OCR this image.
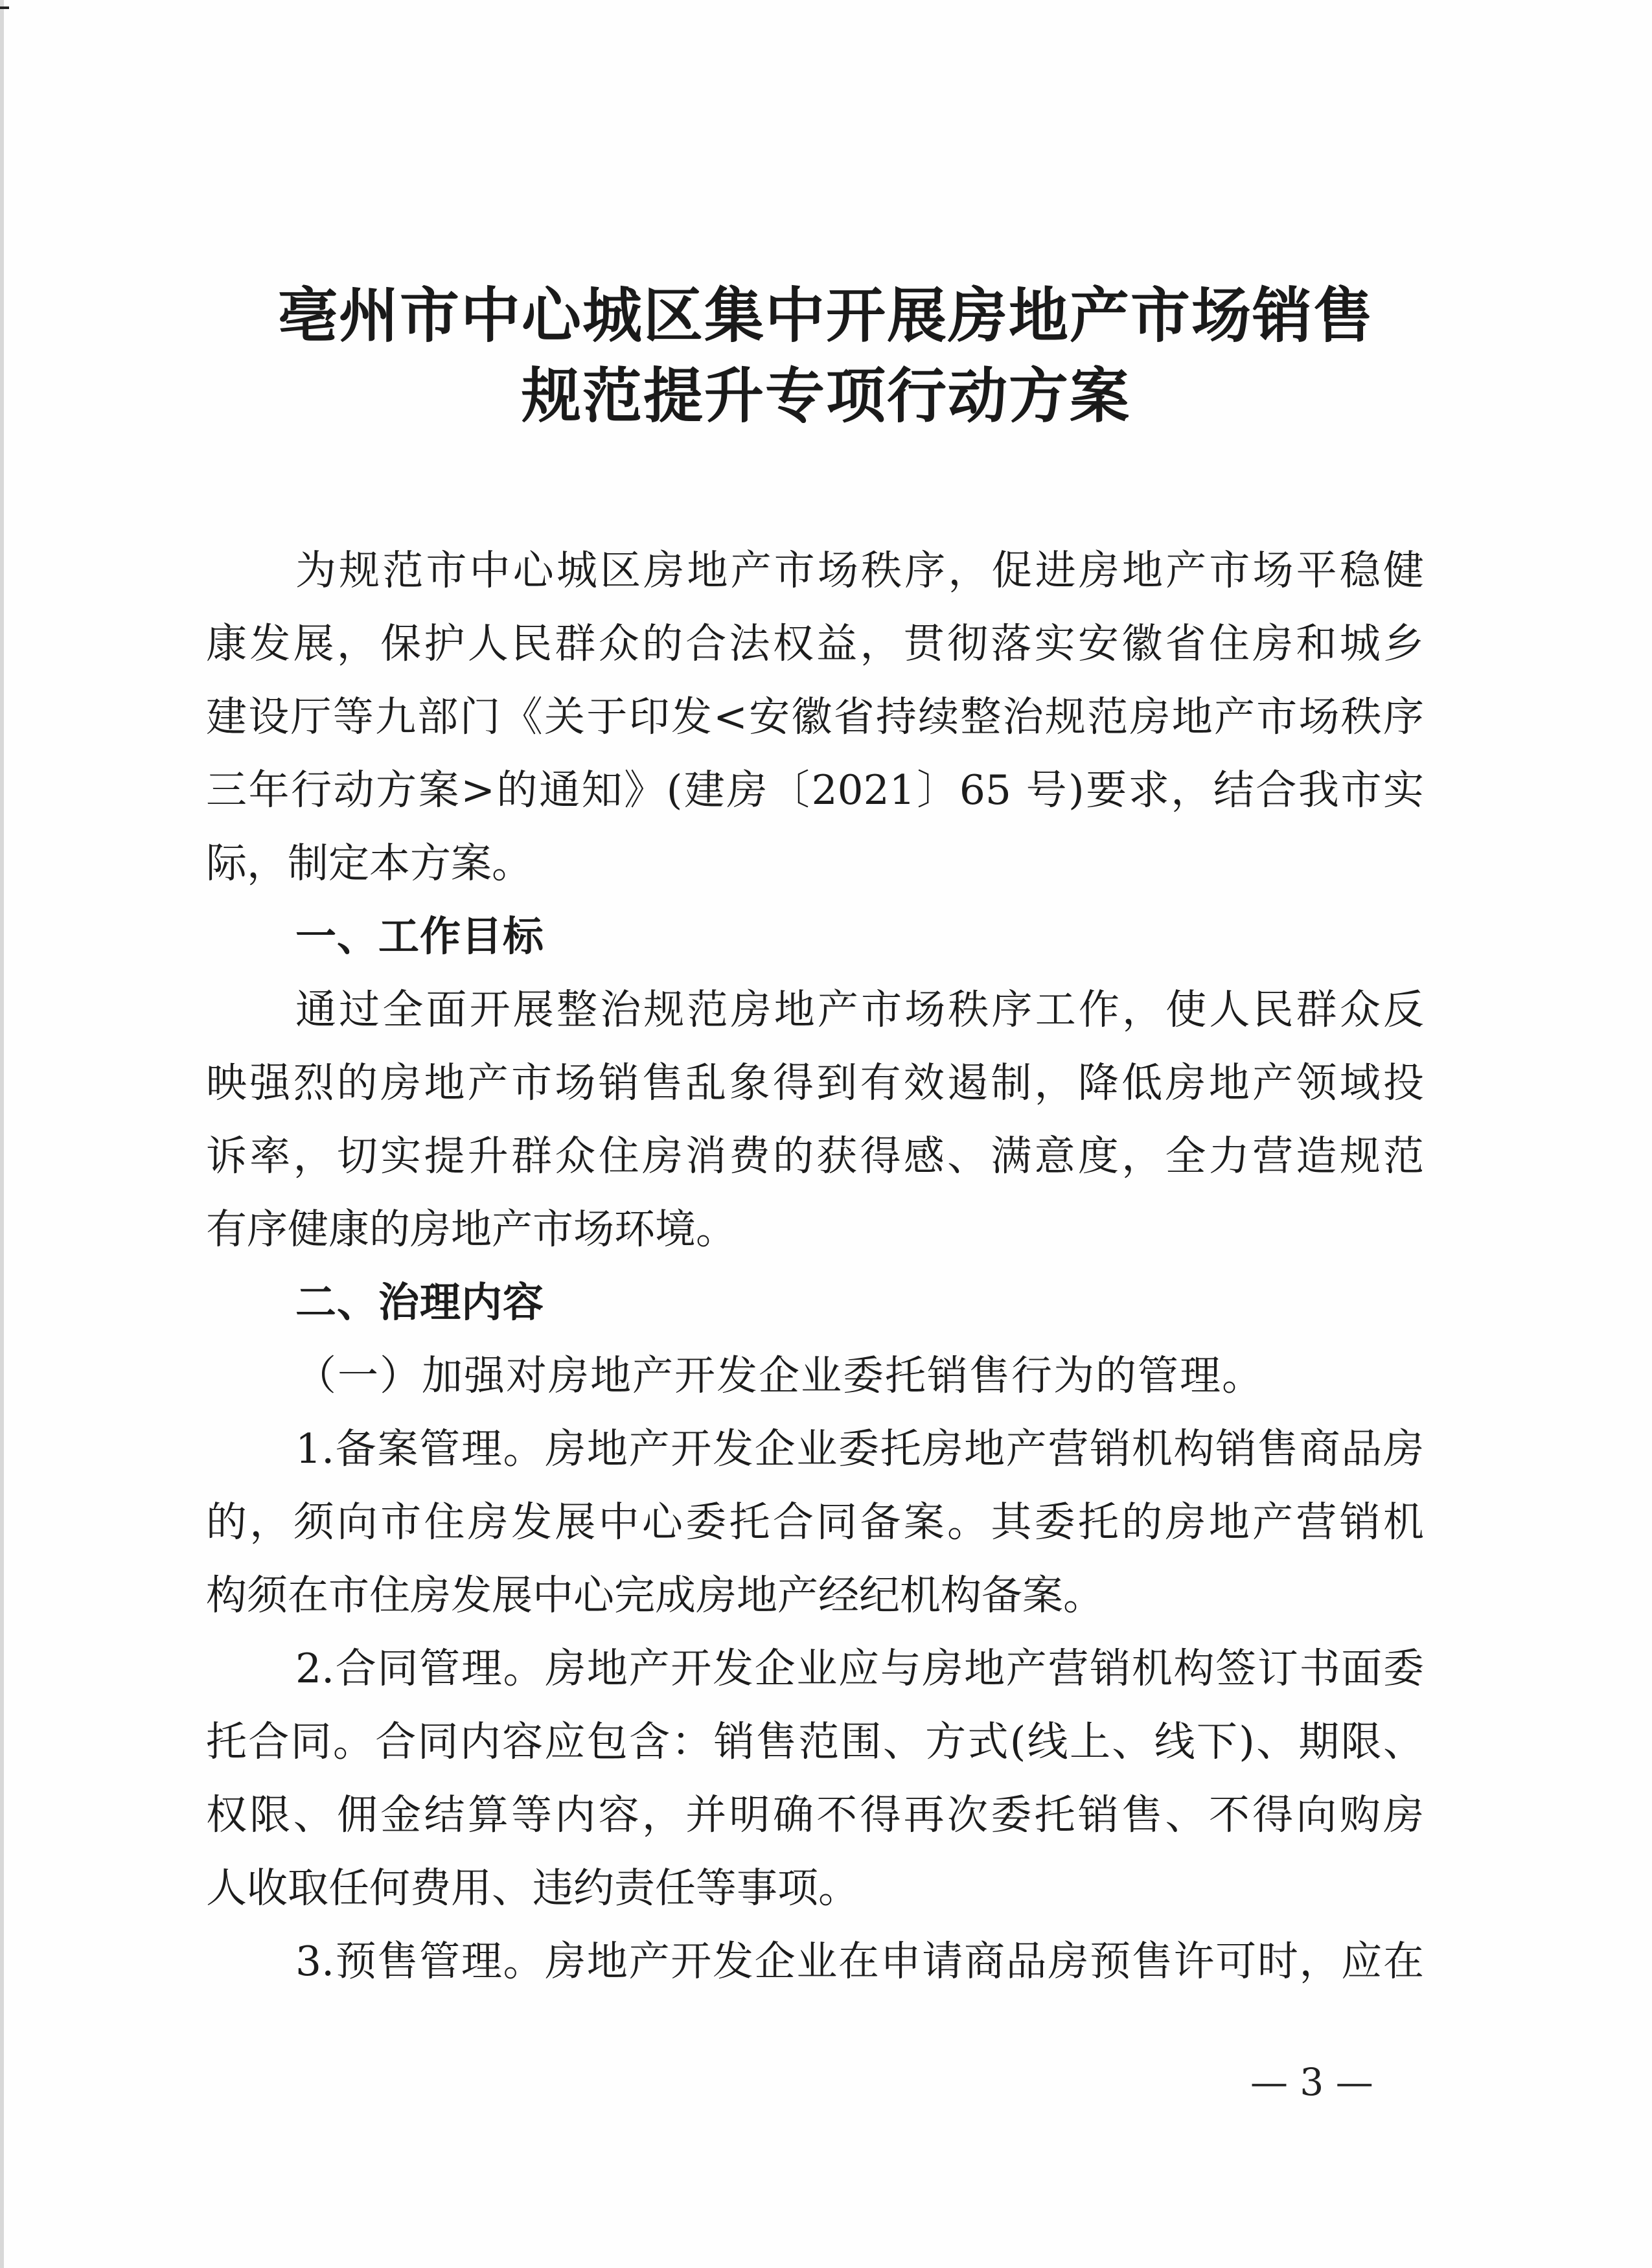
亳州市中心城区集中开展房地产市场销售
规范提升专项行动方案
为规范市中心城区房地产市场秩序，促进房地产市场平稳健
康发展，保护人民群众的合法权益，贯彻落实安徽省住房和城乡
建设厅等九部门《关于印发<安徽省持续整治规范房地产市场秩序
三年行动方案>的通知》(建房〔2021〕65 号)要求，结合我市实
际，制定本方案。
一、工作目标
通过全面开展整治规范房地产市场秩序工作，使人民群众反
映强烈的房地产市场销售乱象得到有效遏制，降低房地产领域投
诉率，切实提升群众住房消费的获得感、满意度，全力营造规范
有序健康的房地产市场环境。
二、治理内容
（一）加强对房地产开发企业委托销售行为的管理。
1.备案管理。房地产开发企业委托房地产营销机构销售商品房
的，须向市住房发展中心委托合同备案。其委托的房地产营销机
构须在市住房发展中心完成房地产经纪机构备案。
2.合同管理。房地产开发企业应与房地产营销机构签订书面委
托合同。合同内容应包含：销售范围、方式(线上、线下)、期限、
权限、佣金结算等内容，并明确不得再次委托销售、不得向购房
人收取任何费用、违约责任等事项。
3.预售管理。房地产开发企业在申请商品房预售许可时，应在
— 3 —
